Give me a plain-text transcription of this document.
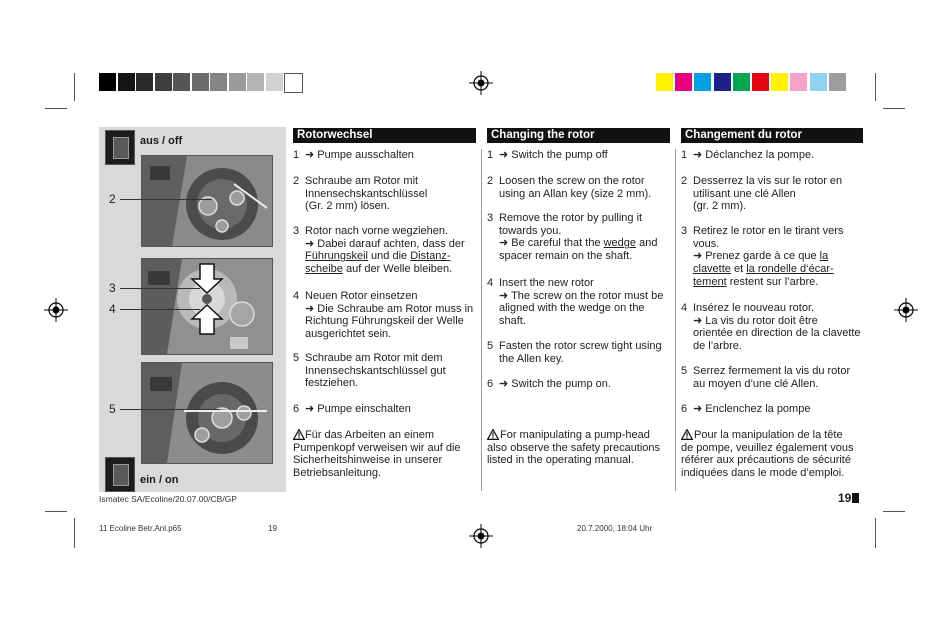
aus / off
ein / on
2
3
4
5
Rotorwechsel	Changing the rotor	Changement du rotor
1 ➜ Pumpe ausschalten
2 Schraube am Rotor mit
Innensechskantschlüssel
(Gr. 2 mm) lösen.
3 Rotor nach vorne wegziehen.
➜ Dabei darauf achten, dass der
Führungskeil und die Distanz-
scheibe auf der Welle bleiben.
4 Neuen Rotor einsetzen
➜ Die Schraube am Rotor muss in
Richtung Führungskeil der Welle
ausgerichtet sein.
5 Schraube am Rotor mit dem
Innensechskantschlüssel gut
festziehen.
6 ➜ Pumpe einschalten
Für das Arbeiten an einem
Pumpenkopf verweisen wir auf die
Sicherheitshinweise in unserer
Betriebsanleitung.
1 ➜ Switch the pump off
2 Loosen the screw on the rotor
using an Allan key (size 2 mm).
3 Remove the rotor by pulling it
towards you.
➜ Be careful that the wedge and
spacer remain on the shaft.
4 Insert the new rotor
➜ The screw on the rotor must be
aligned with the wedge on the
shaft.
5 Fasten the rotor screw tight using
the Allen key.
6 ➜ Switch the pump on.
For manipulating a pump-head
also observe the safety precautions
listed in the operating manual.
1 ➜ Déclanchez la pompe.
2 Desserrez la vis sur le rotor en
utilisant une clé Allen
(gr. 2 mm).
3 Retirez le rotor en le tirant vers
vous.
➜ Prenez garde à ce que la
clavette et la rondelle d‘écar-
tement restent sur l’arbre.
4 Insérez le nouveau rotor.
➜ La vis du rotor doit être
orientée en direction de la clavette
de l’arbre.
5 Serrez fermement la vis du rotor
au moyen d’une clé Allen.
6 ➜ Enclenchez la pompe
Pour la manipulation de la tête
de pompe, veuillez également vous
référer aux précautions de sécurité
indiquées dans le mode d’emploi.
Ismatec SA/Ecoline/20.07.00/CB/GP	19
11 Ecoline Betr.Anl.p65	19	20.7.2000, 18:04 Uhr
